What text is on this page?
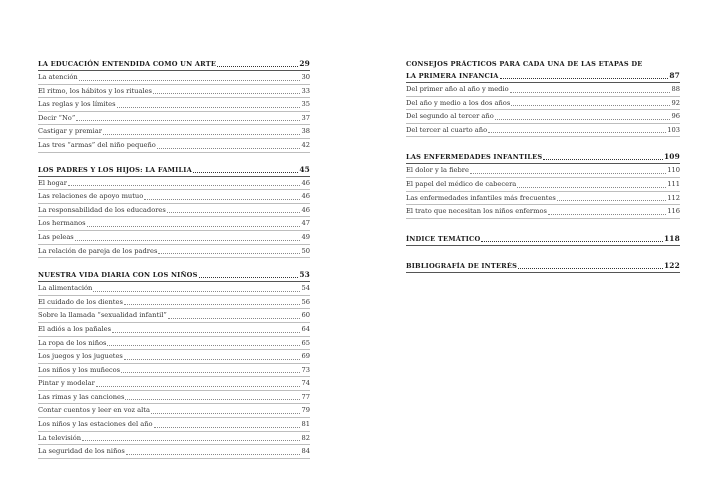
LA EDUCACIÓN ENTENDIDA COMO UN ARTE	29
La atención	30
El ritmo, los hábitos y los rituales	33
Las reglas y los límites	35
Decir “No”	37
Castigar y premiar	38
Las tres “armas” del niño pequeño	42
LOS PADRES Y LOS HIJOS: LA FAMILIA	45
El hogar	46
Las relaciones de apoyo mutuo	46
La responsabilidad de los educadores	46
Los hermanos	47
Las peleas	49
La relación de pareja de los padres	50
NUESTRA VIDA DIARIA CON LOS NIÑOS	53
La alimentación	54
El cuidado de los dientes	56
Sobre la llamada “sexualidad infantil”	60
El adiós a los pañales	64
La ropa de los niños	65
Los juegos y los juguetes	69
Los niños y los muñecos	73
Pintar y modelar	74
Las rimas y las canciones	77
Contar cuentos y leer en voz alta	79
Los niños y las estaciones del año	81
La televisión	82
La seguridad de los niños	84
CONSEJOS PRÁCTICOS PARA CADA UNA DE LAS ETAPAS DE
LA PRIMERA INFANCIA	87
Del primer año al año y medio	88
Del año y medio a los dos años	92
Del segundo al tercer año	96
Del tercer al cuarto año	103
LAS ENFERMEDADES INFANTILES	109
El dolor y la fiebre	110
El papel del médico de cabecera	111
Las enfermedades infantiles más frecuentes	112
El trato que necesitan los niños enfermos	116
ÍNDICE TEMÁTICO	118
BIBLIOGRAFÍA DE INTERÉS	122
